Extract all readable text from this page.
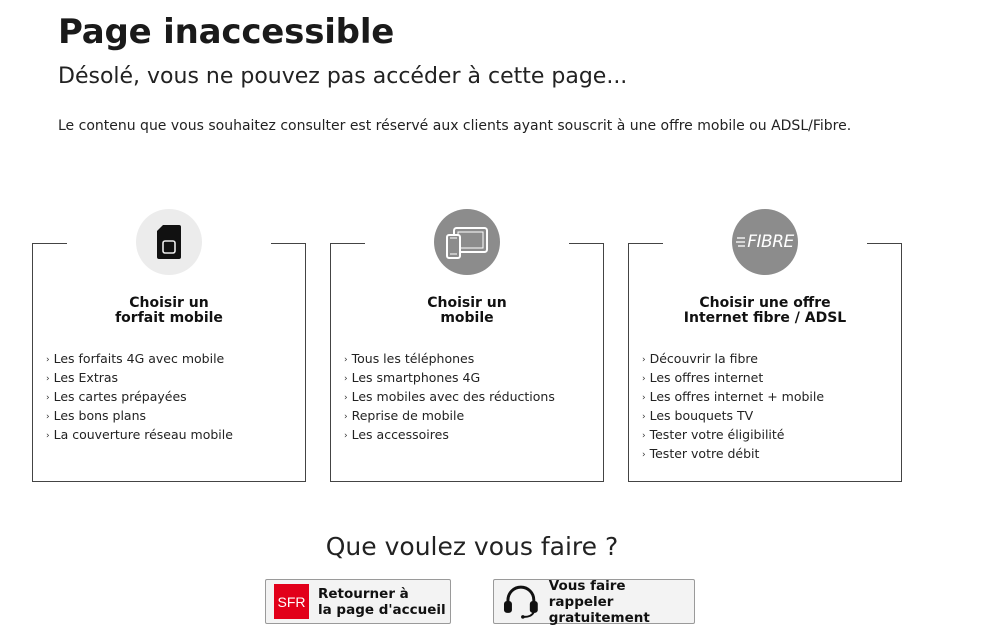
Page inaccessible
Désolé, vous ne pouvez pas accéder à cette page...

Le contenu que vous souhaitez consulter est réservé aux clients ayant souscrit à une offre mobile ou ADSL/Fibre.

Choisir un
forfait mobile
› Les forfaits 4G avec mobile
› Les Extras
› Les cartes prépayées
› Les bons plans
› La couverture réseau mobile
Choisir un
mobile
› Tous les téléphones
› Les smartphones 4G
› Les mobiles avec des réductions
› Reprise de mobile
› Les accessoires
FIBRE
Choisir une offre
Internet fibre / ADSL
› Découvrir la fibre
› Les offres internet
› Les offres internet + mobile
› Les bouquets TV
› Tester votre éligibilité
› Tester votre débit
Que voulez vous faire ?
SFR Retourner à
la page d'accueil
Vous faire rappeler
gratuitement
